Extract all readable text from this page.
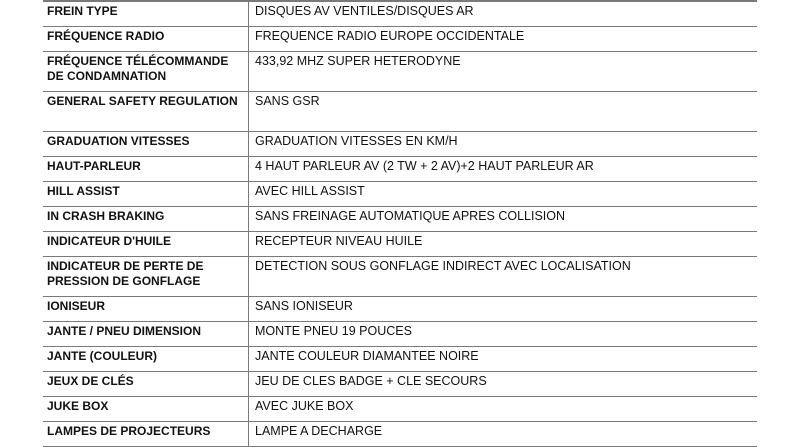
FREIN TYPE	DISQUES AV VENTILES/DISQUES AR
FRÉQUENCE RADIO	FREQUENCE RADIO EUROPE OCCIDENTALE
FRÉQUENCE TÉLÉCOMMANDE DE CONDAMNATION	433,92 MHZ SUPER HETERODYNE
GENERAL SAFETY REGULATION	SANS GSR
GRADUATION VITESSES	GRADUATION VITESSES EN KM/H
HAUT-PARLEUR	4 HAUT PARLEUR AV (2 TW + 2 AV)+2 HAUT PARLEUR AR
HILL ASSIST	AVEC HILL ASSIST
IN CRASH BRAKING	SANS FREINAGE AUTOMATIQUE APRES COLLISION
INDICATEUR D'HUILE	RECEPTEUR NIVEAU HUILE
INDICATEUR DE PERTE DE PRESSION DE GONFLAGE	DETECTION SOUS GONFLAGE INDIRECT AVEC LOCALISATION
IONISEUR	SANS IONISEUR
JANTE / PNEU DIMENSION	MONTE PNEU 19 POUCES
JANTE (COULEUR)	JANTE COULEUR DIAMANTEE NOIRE
JEUX DE CLÉS	JEU DE CLES BADGE + CLE SECOURS
JUKE BOX	AVEC JUKE BOX
LAMPES DE PROJECTEURS	LAMPE A DECHARGE
